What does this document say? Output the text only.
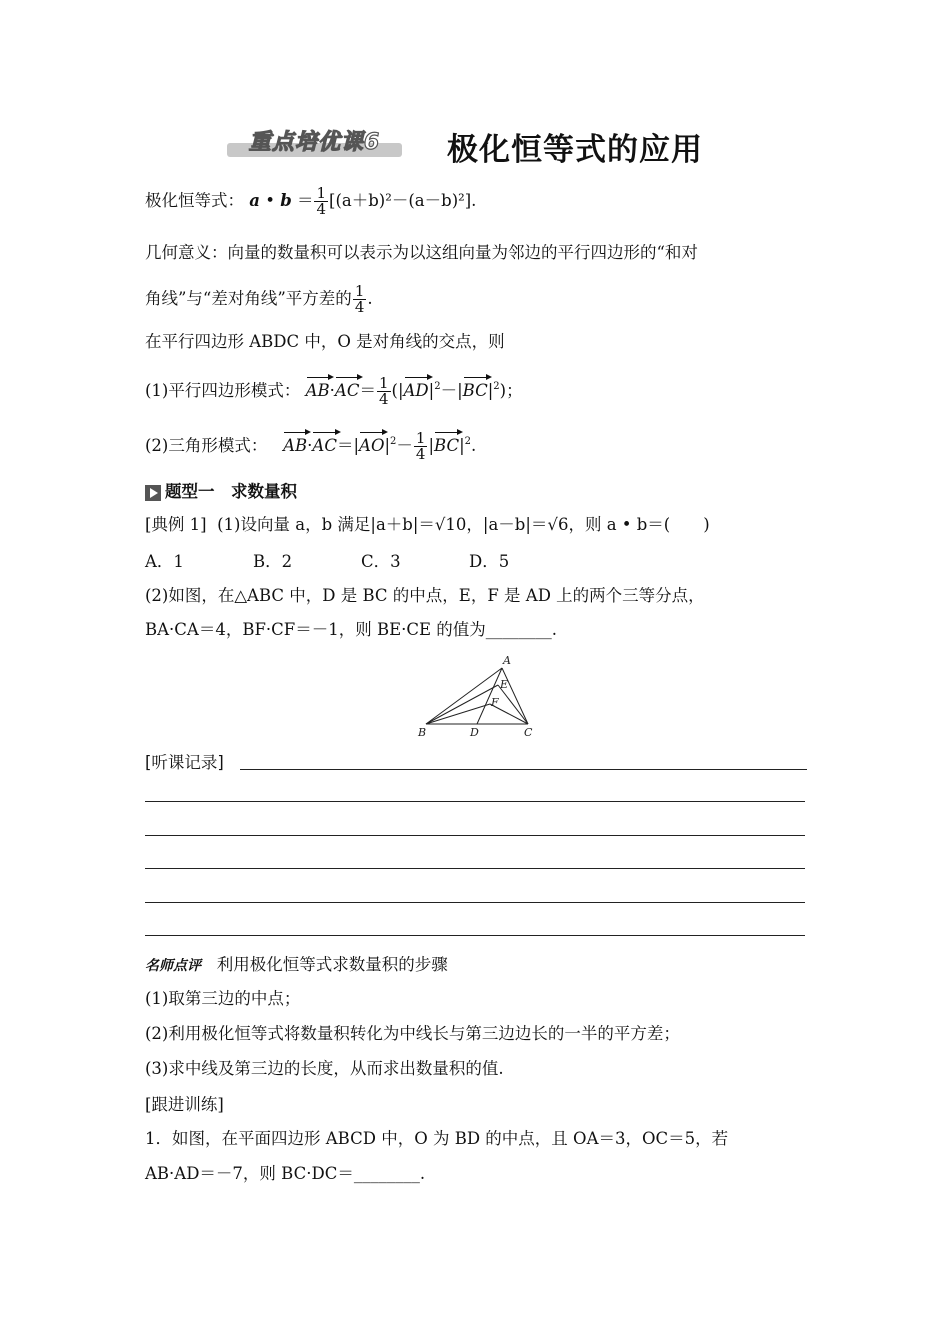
重点培优课6	极化恒等式的应用
极化恒等式： a • $b = \frac{1}{4} [(a+b)^2-(a-b)^2]$.
几何意义：向量的数量积可以表示为以这组向量为邻边的平行四边形的“和对
角线”与“差对角线”平方差的 $\frac{1}{4}$ .
在平行四边形 ABDC 中，O 是对角线的交点，则
(1)平行四边形模式： $AB\cdot AC= \frac{1}{4} (|AD|^2-|BC|^2)$；
(2)三角形模式： $AB\cdot AC=|AO|^2- \frac{1}{4} |BC|^2$.
题型一　求数量积
[典例 1] (1)设向量 a，b 满足|a＋b|＝√10，|a－b|＝√6，则 a • b＝(　　)
A．1	B．2	C．3	D．5
(2)如图，在△ABC 中，D 是 BC 的中点，E，F 是 AD 上的两个三等分点，
BA·CA＝4，BF·CF＝－1，则 BE·CE 的值为________.
A
E
F
B	D	C
[听课记录]
名师点评 利用极化恒等式求数量积的步骤
(1)取第三边的中点；
(2)利用极化恒等式将数量积转化为中线长与第三边边长的一半的平方差；
(3)求中线及第三边的长度，从而求出数量积的值.
[跟进训练]
1．如图，在平面四边形 ABCD 中，O 为 BD 的中点，且 OA＝3，OC＝5，若
AB·AD＝－7，则 BC·DC＝________.
